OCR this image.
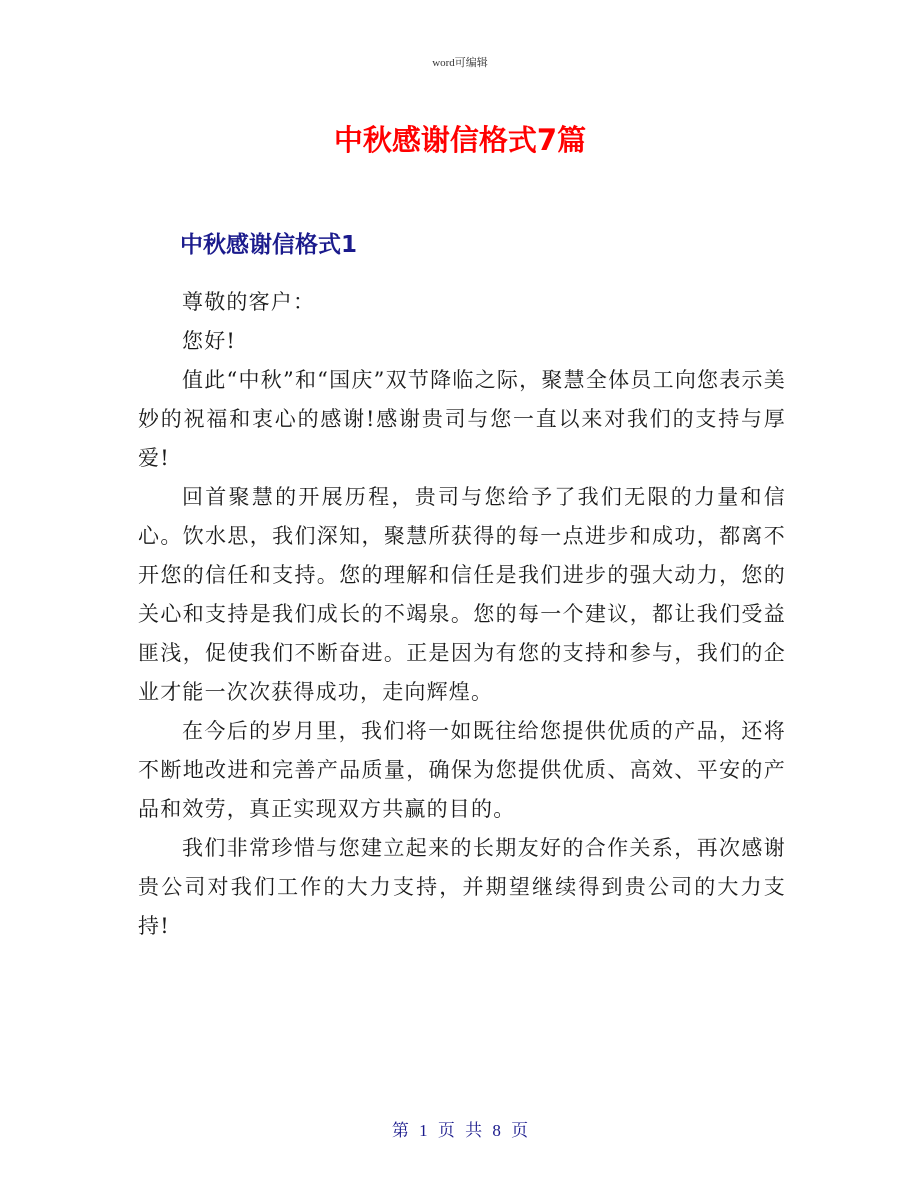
word可编辑
中秋感谢信格式7篇
中秋感谢信格式1

尊敬的客户：

您好!

值此“中秋”和“国庆”双节降临之际，聚慧全体员工向您表示美妙的祝福和衷心的感谢!感谢贵司与您一直以来对我们的支持与厚爱!

回首聚慧的开展历程，贵司与您给予了我们无限的力量和信心。饮水思，我们深知，聚慧所获得的每一点进步和成功，都离不开您的信任和支持。您的理解和信任是我们进步的强大动力，您的关心和支持是我们成长的不竭泉。您的每一个建议，都让我们受益匪浅，促使我们不断奋进。正是因为有您的支持和参与，我们的企业才能一次次获得成功，走向辉煌。

在今后的岁月里，我们将一如既往给您提供优质的产品，还将不断地改进和完善产品质量，确保为您提供优质、高效、平安的产品和效劳，真正实现双方共赢的目的。

我们非常珍惜与您建立起来的长期友好的合作关系，再次感谢贵公司对我们工作的大力支持，并期望继续得到贵公司的大力支持!

第 1 页 共 8 页
